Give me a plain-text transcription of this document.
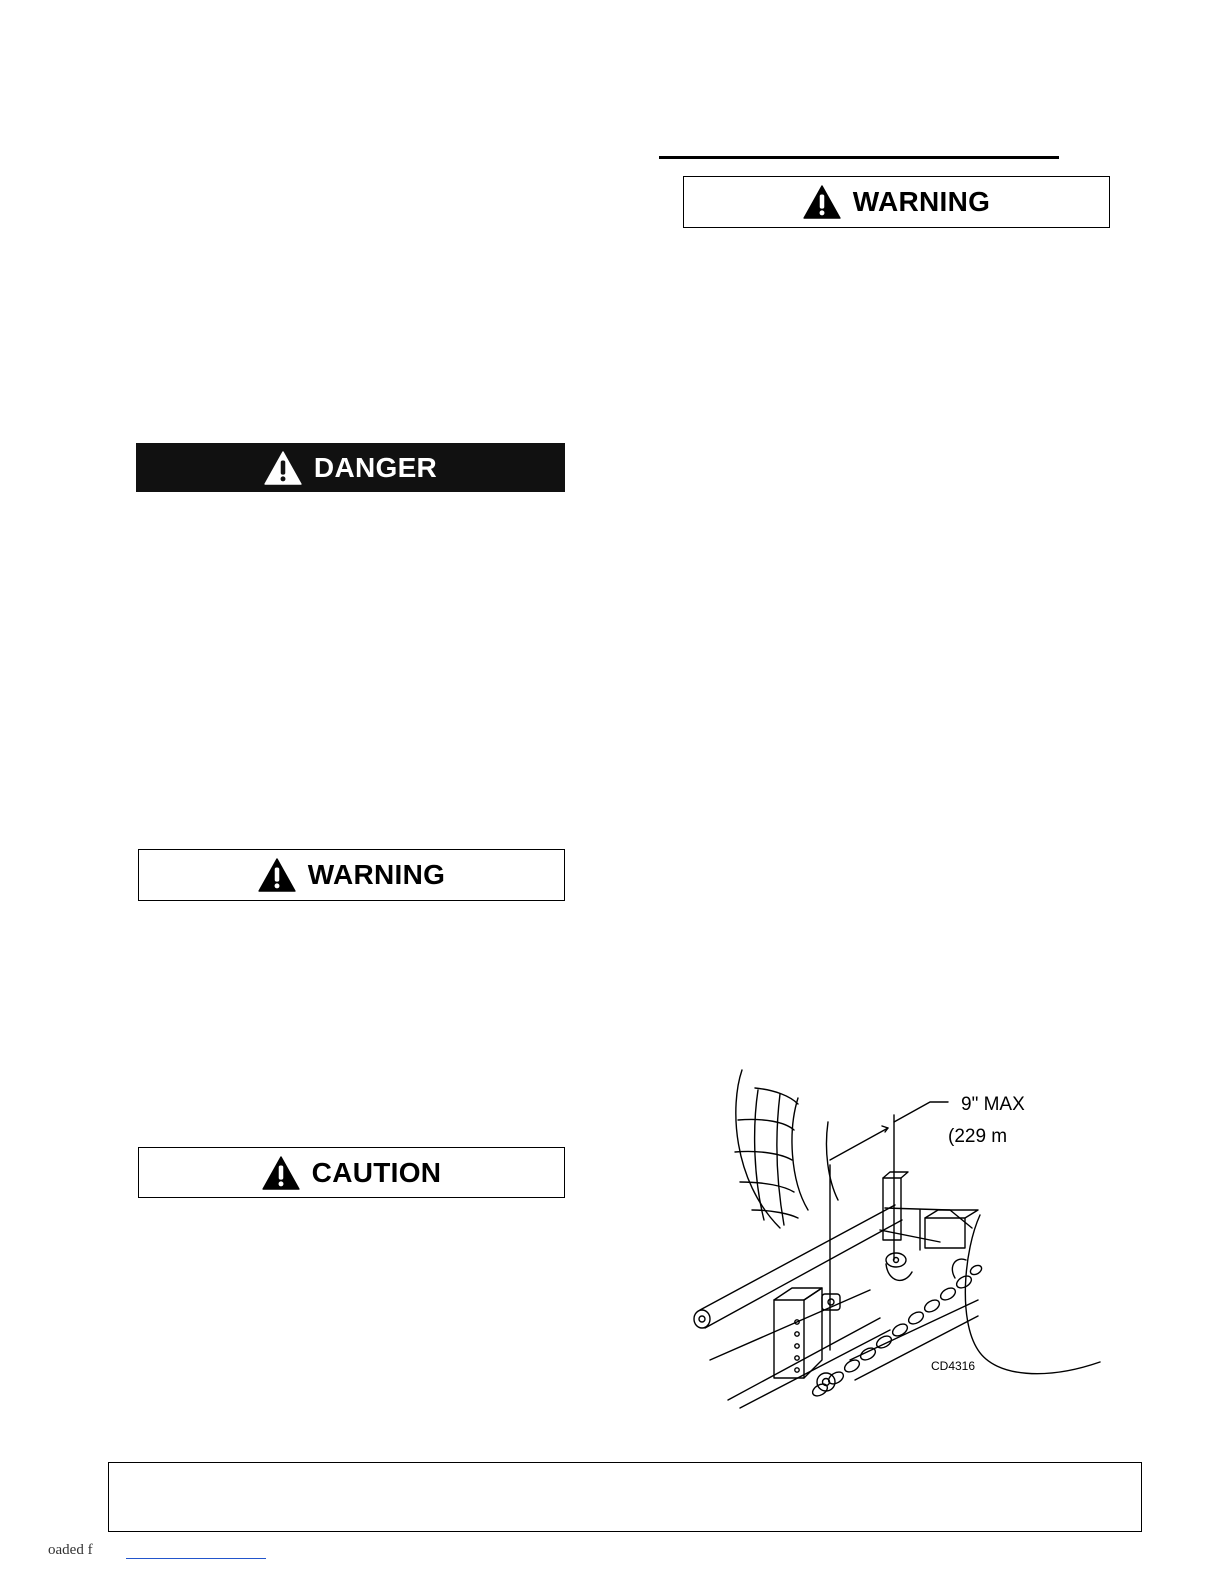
WARNING
DANGER
WARNING
CAUTION
9" MAX
(229 m
CD4316
oaded f
